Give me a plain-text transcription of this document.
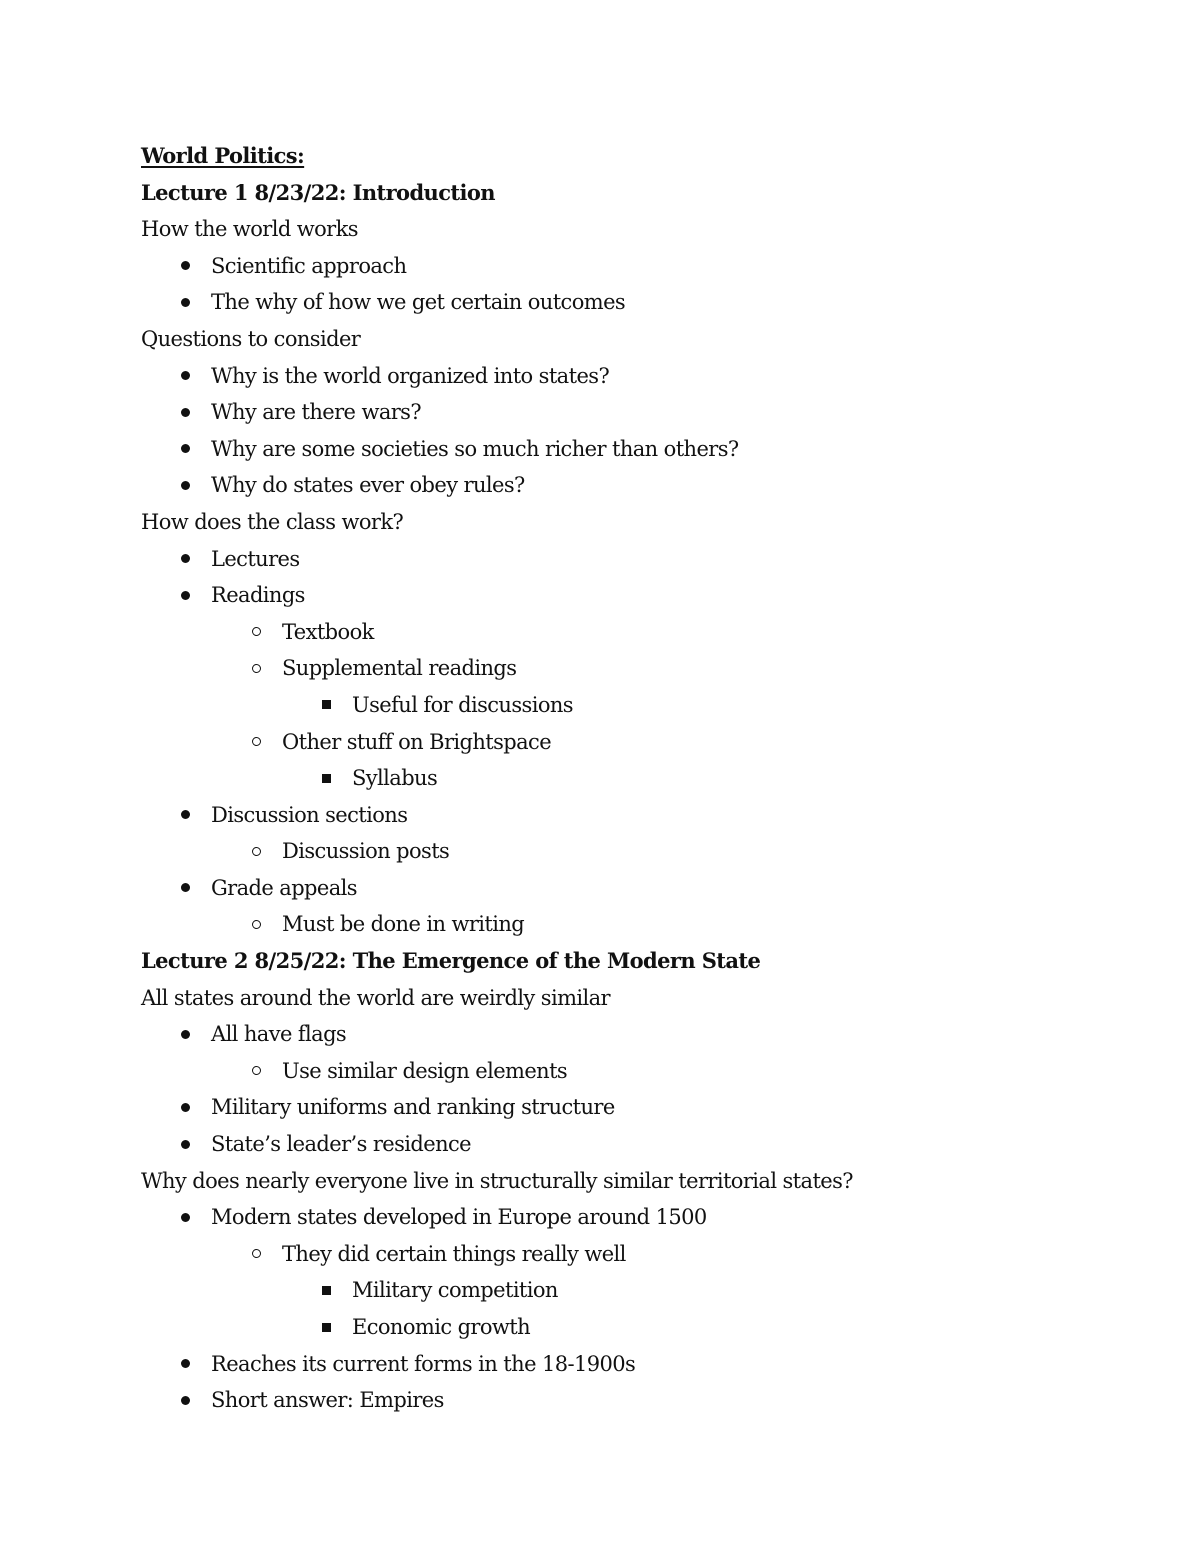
World Politics:
Lecture 1 8/23/22: Introduction
How the world works
Scientific approach
The why of how we get certain outcomes
Questions to consider
Why is the world organized into states?
Why are there wars?
Why are some societies so much richer than others?
Why do states ever obey rules?
How does the class work?
Lectures
Readings
Textbook
Supplemental readings
Useful for discussions
Other stuff on Brightspace
Syllabus
Discussion sections
Discussion posts
Grade appeals
Must be done in writing
Lecture 2 8/25/22: The Emergence of the Modern State
All states around the world are weirdly similar
All have flags
Use similar design elements
Military uniforms and ranking structure
State’s leader’s residence
Why does nearly everyone live in structurally similar territorial states?
Modern states developed in Europe around 1500
They did certain things really well
Military competition
Economic growth
Reaches its current forms in the 18-1900s
Short answer: Empires
